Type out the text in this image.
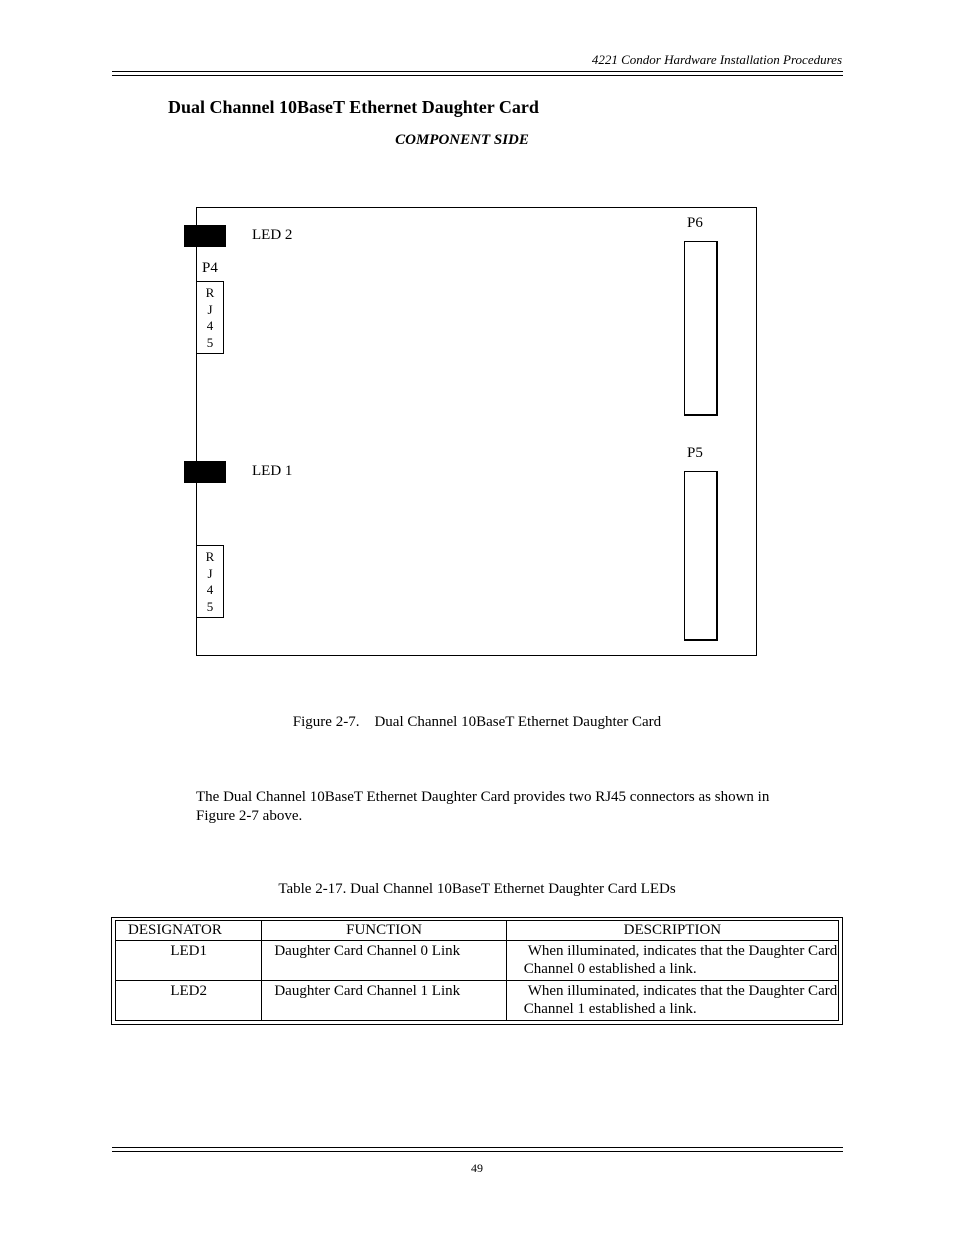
4221 Condor Hardware Installation Procedures
Dual Channel 10BaseT Ethernet Daughter Card
COMPONENT SIDE
LED 2
P4
R
J
4
5
LED 1
R
J
4
5
P6
P5
Figure 2-7.    Dual Channel 10BaseT Ethernet Daughter Card
The Dual Channel 10BaseT Ethernet Daughter Card provides two RJ45 connectors as shown in
Figure 2-7 above.
Table 2-17. Dual Channel 10BaseT Ethernet Daughter Card LEDs
DESIGNATOR	FUNCTION	DESCRIPTION
LED1	Daughter Card Channel 0 Link	When illuminated, indicates that the Daughter Card
Channel 0 established a link.

LED2	Daughter Card Channel 1 Link	When illuminated, indicates that the Daughter Card
Channel 1 established a link.
49
